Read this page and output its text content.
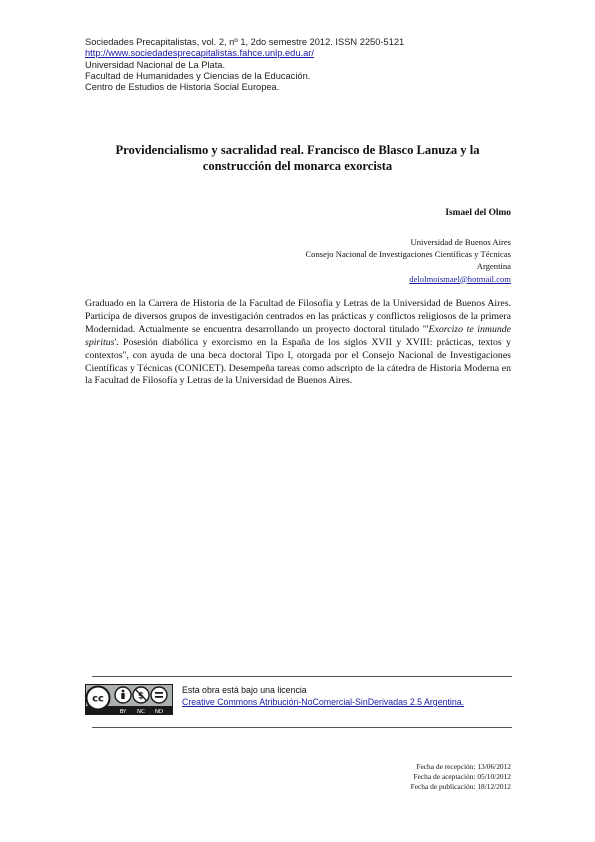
Sociedades Precapitalistas, vol. 2, nº 1, 2do semestre 2012. ISSN 2250-5121
http://www.sociedadesprecapitalistas.fahce.unlp.edu.ar/
Universidad Nacional de La Plata.
Facultad de Humanidades y Ciencias de la Educación.
Centro de Estudios de Historia Social Europea.
Providencialismo y sacralidad real. Francisco de Blasco Lanuza y la
construcción del monarca exorcista
Ismael del Olmo
Universidad de Buenos Aires
Consejo Nacional de Investigaciones Científicas y Técnicas
Argentina
delolmoismael@hotmail.com
Graduado en la Carrera de Historia de la Facultad de Filosofía y Letras de la Universidad de Buenos Aires. Participa de diversos grupos de investigación centrados en las prácticas y conflictos religiosos de la primera Modernidad. Actualmente se encuentra desarrollando un proyecto doctoral titulado "'Exorcizo te inmunde spiritus'. Posesión diabólica y exorcismo en la España de los siglos XVII y XVIII: prácticas, textos y contextos", con ayuda de una beca doctoral Tipo I, otorgada por el Consejo Nacional de Investigaciones Científicas y Técnicas (CONICET). Desempeña tareas como adscripto de la cátedra de Historia Moderna en la Facultad de Filosofía y Letras de la Universidad de Buenos Aires.
cc	$
BY NC ND
Esta obra está bajo una licencia
Creative Commons Atribución-NoComercial-SinDerivadas 2.5 Argentina.
Fecha de recepción: 13/06/2012
Fecha de aceptación: 05/10/2012
Fecha de publicación: 18/12/2012
